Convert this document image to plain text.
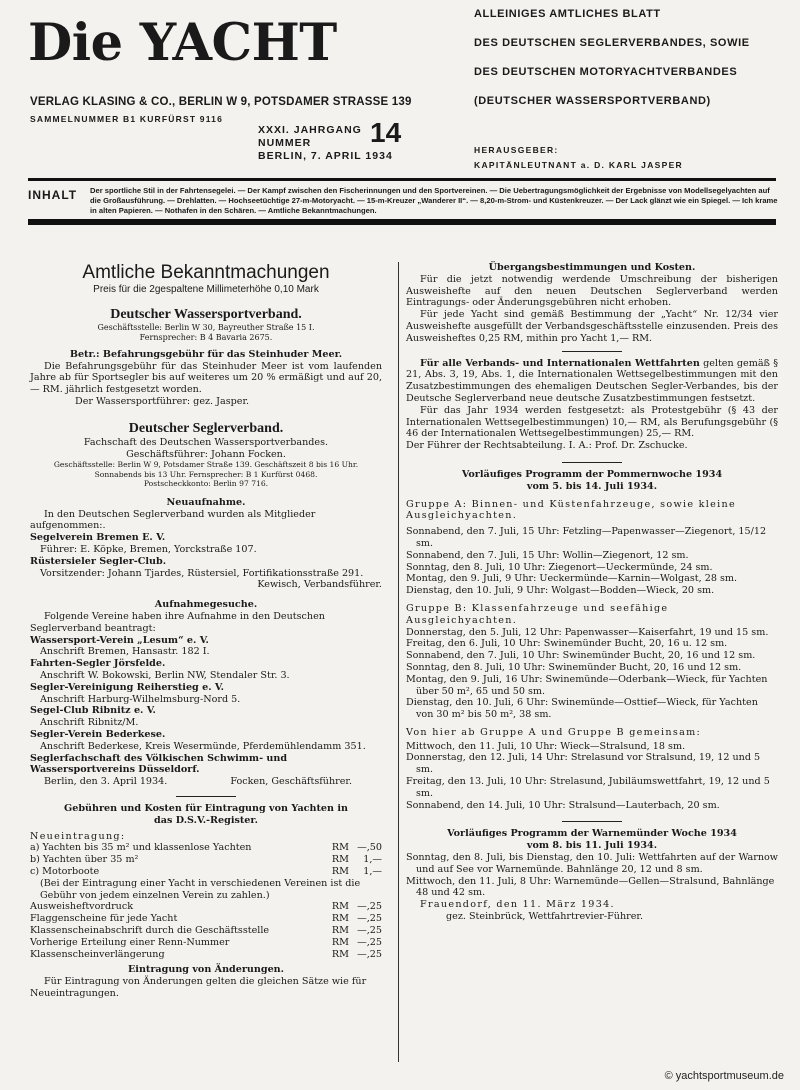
Die YACHT
VERLAG KLASING & CO., BERLIN W 9, POTSDAMER STRASSE 139
SAMMELNUMMER B1 KURFÜRST 9116
XXXI. JAHRGANG
NUMMER	14
BERLIN, 7. APRIL 1934
ALLEINIGES AMTLICHES BLATT
DES DEUTSCHEN SEGLERVERBANDES, SOWIE
DES DEUTSCHEN MOTORYACHTVERBANDES
(DEUTSCHER WASSERSPORTVERBAND)
HERAUSGEBER:
KAPITÄNLEUTNANT a. D. KARL JASPER
INHALT Der sportliche Stil in der Fahrtensegelei. — Der Kampf zwischen den Fischerinnungen und den Sportvereinen. — Die Uebertragungsmöglichkeit der Ergebnisse von Modellsegelyachten auf die Großausführung. — Drehlatten. — Hochseetüchtige 27-m-Motoryacht. — 15-m-Kreuzer „Wanderer II“. — 8,20-m-Strom- und Küstenkreuzer. — Der Lack glänzt wie ein Spiegel. — Ich krame in alten Papieren. — Nothafen in den Schären. — Amtliche Bekanntmachungen.
Amtliche Bekanntmachungen
Preis für die 2gespaltene Millimeterhöhe 0,10 Mark
Deutscher Wassersportverband.
Geschäftsstelle: Berlin W 30, Bayreuther Straße 15 I.
Fernsprecher: B 4 Bavaria 2675.
Betr.: Befahrungsgebühr für das Steinhuder Meer.

Die Befahrungsgebühr für das Steinhuder Meer ist vom laufenden Jahre ab für Sportsegler bis auf weiteres um 20 % ermäßigt und auf 20,— RM. jährlich festgesetzt worden.

Der Wassersportführer: gez. Jasper.

Deutscher Seglerverband.
Fachschaft des Deutschen Wassersportverbandes.
Geschäftsführer: Johann Focken.
Geschäftsstelle: Berlin W 9, Potsdamer Straße 139. Geschäftszeit 8 bis 16 Uhr.
Sonnabends bis 13 Uhr. Fernsprecher: B 1 Kurfürst 0468.
Postscheckkonto: Berlin 97 716.
Neuaufnahme.

In den Deutschen Seglerverband wurden als Mitglieder aufgenommen:.

Segelverein Bremen E. V.
Führer: E. Köpke, Bremen, Yorckstraße 107.
Rüstersieler Segler-Club.
Vorsitzender: Johann Tjardes, Rüstersiel, Fortifikationsstraße 291.
Kewisch, Verbandsführer.
Aufnahmegesuche.

Folgende Vereine haben ihre Aufnahme in den Deutschen Seglerverband beantragt:

Wassersport-Verein „Lesum“ e. V.
Anschrift Bremen, Hansastr. 182 I.
Fahrten-Segler Jörsfelde.
Anschrift W. Bokowski, Berlin NW, Stendaler Str. 3.
Segler-Vereinigung Reiherstieg e. V.
Anschrift Harburg-Wilhelmsburg-Nord 5.
Segel-Club Ribnitz e. V.
Anschrift Ribnitz/M.
Segler-Verein Bederkese.
Anschrift Bederkese, Kreis Wesermünde, Pferdemühlendamm 351.
Seglerfachschaft des Völkischen Schwimm- und Wassersportvereins Düsseldorf.
Berlin, den 3. April 1934.	Focken, Geschäftsführer.
Gebühren und Kosten für Eintragung von Yachten in das D.S.V.-Register.
Neueintragung:
a) Yachten bis 35 m² und klassenlose Yachten	RM —,50
b) Yachten über 35 m²	RM 1,—
c) Motorboote	RM 1,—

(Bei der Eintragung einer Yacht in verschiedenen Vereinen ist die Gebühr von jedem einzelnen Verein zu zahlen.)

Ausweisheftvordruck	RM —,25
Flaggenscheine für jede Yacht	RM —,25
Klassenscheinabschrift durch die Geschäftsstelle	RM —,25
Vorherige Erteilung einer Renn-Nummer	RM —,25
Klassenscheinverlängerung	RM —,25
Eintragung von Änderungen.

Für Eintragung von Änderungen gelten die gleichen Sätze wie für Neueintragungen.

Übergangsbestimmungen und Kosten.

Für die jetzt notwendig werdende Umschreibung der bisherigen Ausweishefte auf den neuen Deutschen Seglerverband werden Eintragungs- oder Änderungsgebühren nicht erhoben.

Für jede Yacht sind gemäß Bestimmung der „Yacht“ Nr. 12/34 vier Ausweishefte ausgefüllt der Verbandsgeschäftsstelle einzusenden. Preis des Ausweisheftes 0,25 RM, mithin pro Yacht 1,— RM.

Für alle Verbands- und Internationalen Wettfahrten gelten gemäß § 21, Abs. 3, 19, Abs. 1, die Internationalen Wettsegelbestimmungen mit den Zusatzbestimmungen des ehemaligen Deutschen Segler-Verbandes, bis der Deutsche Seglerverband neue deutsche Zusatzbestimmungen festsetzt.

Für das Jahr 1934 werden festgesetzt: als Protestgebühr (§ 43 der Internationalen Wettsegelbestimmungen) 10,— RM, als Berufungsgebühr (§ 46 der Internationalen Wettsegelbestimmungen) 25,— RM.

Der Führer der Rechtsabteilung. I. A.: Prof. Dr. Zschucke.

Vorläufiges Programm der Pommernwoche 1934
vom 5. bis 14. Juli 1934.

Gruppe A: Binnen- und Küstenfahrzeuge, sowie kleine Ausgleichyachten.

Sonnabend, den 7. Juli, 15 Uhr: Fetzling—Papenwasser—Ziegenort, 15/12 sm.

Sonnabend, den 7. Juli, 15 Uhr: Wollin—Ziegenort, 12 sm.

Sonntag, den 8. Juli, 10 Uhr: Ziegenort—Ueckermünde, 24 sm.

Montag, den 9. Juli, 9 Uhr: Ueckermünde—Karnin—Wolgast, 28 sm.

Dienstag, den 10. Juli, 9 Uhr: Wolgast—Bodden—Wieck, 20 sm.

Gruppe B: Klassenfahrzeuge und seefähige Ausgleichyachten.

Donnerstag, den 5. Juli, 12 Uhr: Papenwasser—Kaiserfahrt, 19 und 15 sm.

Freitag, den 6. Juli, 10 Uhr: Swinemünder Bucht, 20, 16 u. 12 sm.

Sonnabend, den 7. Juli, 10 Uhr: Swinemünder Bucht, 20, 16 und 12 sm.

Sonntag, den 8. Juli, 10 Uhr: Swinemünder Bucht, 20, 16 und 12 sm.

Montag, den 9. Juli, 16 Uhr: Swinemünde—Oderbank—Wieck, für Yachten über 50 m², 65 und 50 sm.

Dienstag, den 10. Juli, 6 Uhr: Swinemünde—Osttief—Wieck, für Yachten von 30 m² bis 50 m², 38 sm.

Von hier ab Gruppe A und Gruppe B gemeinsam:

Mittwoch, den 11. Juli, 10 Uhr: Wieck—Stralsund, 18 sm.

Donnerstag, den 12. Juli, 14 Uhr: Strelasund vor Stralsund, 19, 12 und 5 sm.

Freitag, den 13. Juli, 10 Uhr: Strelasund, Jubiläumswettfahrt, 19, 12 und 5 sm.

Sonnabend, den 14. Juli, 10 Uhr: Stralsund—Lauterbach, 20 sm.

Vorläufiges Programm der Warnemünder Woche 1934
vom 8. bis 11. Juli 1934.

Sonntag, den 8. Juli, bis Dienstag, den 10. Juli: Wettfahrten auf der Warnow und auf See vor Warnemünde. Bahnlänge 20, 12 und 8 sm.

Mittwoch, den 11. Juli, 8 Uhr: Warnemünde—Gellen—Stralsund, Bahnlänge 48 und 42 sm.

Frauendorf, den 11. März 1934.

gez. Steinbrück, Wettfahrtrevier-Führer.

© yachtsportmuseum.de
